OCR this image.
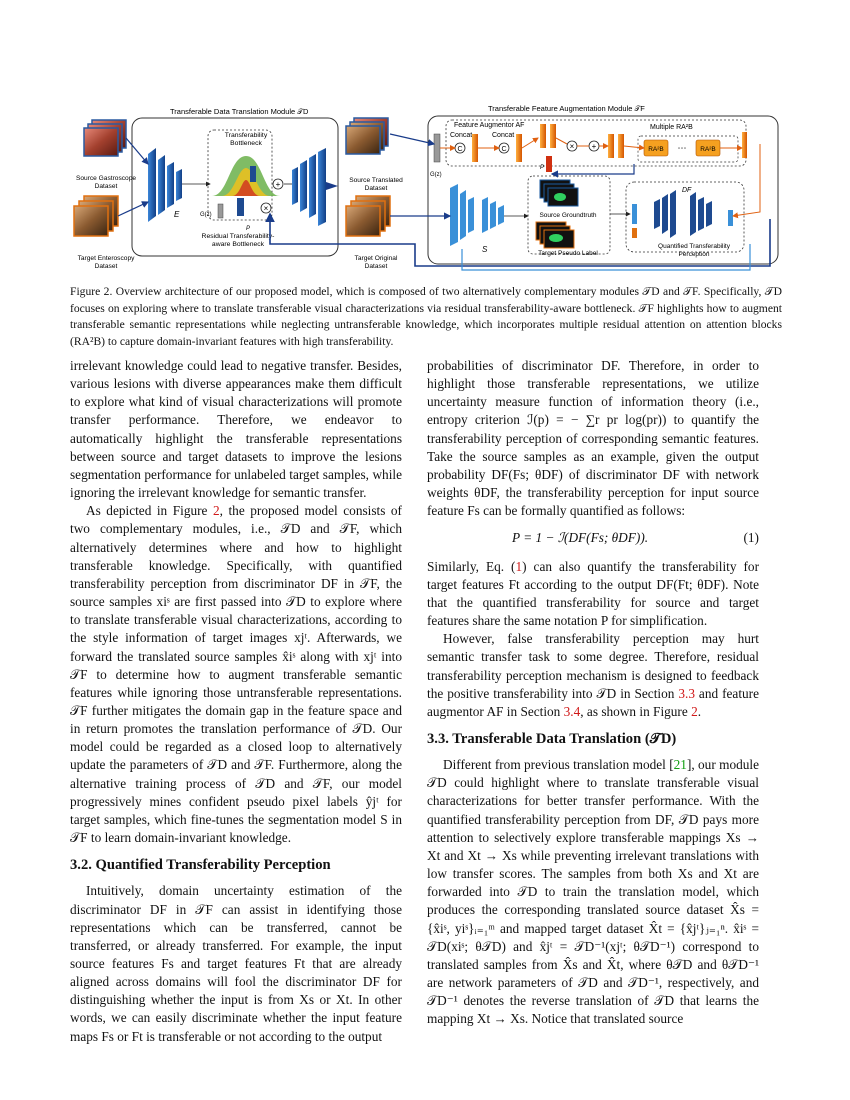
Transferable Data Translation Module 𝒯D
Source Gastroscope
Dataset
Target Enteroscopy
Dataset
E
Transferability
Bottleneck
G(z)
P
×
+
Residual Transferability-
aware Bottleneck
Source Translated
Dataset
Target Original
Dataset
Transferable Feature Augmentation Module 𝒯F
Feature Augmentor AF
Concat	Concat
Multiple RA²B
G(z)
C	C	× +
P
RA²B ⋯ RA²B
S
Source Groundtruth
Target Pseudo Label
DF
Quantified Transferability
Perception
Figure 2. Overview architecture of our proposed model, which is composed of two alternatively complementary modules 𝒯D and 𝒯F. Specifically, 𝒯D focuses on exploring where to translate transferable visual characterizations via residual transferability-aware bottleneck. 𝒯F highlights how to augment transferable semantic representations while neglecting untransferable knowledge, which incorporates multiple residual attention on attention blocks (RA²B) to capture domain-invariant features with high transferability.

irrelevant knowledge could lead to negative transfer. Besides, various lesions with diverse appearances make them difficult to explore what kind of visual characterizations will promote transfer performance. Therefore, we endeavor to automatically highlight the transferable representations between source and target datasets to improve the lesions segmentation performance for unlabeled target samples, while ignoring the irrelevant knowledge for semantic transfer.

As depicted in Figure 2, the proposed model consists of two complementary modules, i.e., 𝒯D and 𝒯F, which alternatively determines where and how to highlight transferable knowledge. Specifically, with quantified transferability perception from discriminator DF in 𝒯F, the source samples xiˢ are first passed into 𝒯D to explore where to translate transferable visual characterizations, according to the style information of target images xjᵗ. Afterwards, we forward the translated source samples x̂iˢ along with xjᵗ into 𝒯F to determine how to augment transferable semantic features while ignoring those untransferable representations. 𝒯F further mitigates the domain gap in the feature space and in return promotes the translation performance of 𝒯D. Our model could be regarded as a closed loop to alternatively update the parameters of 𝒯D and 𝒯F. Furthermore, along the alternative training process of 𝒯D and 𝒯F, our model progressively mines confident pseudo pixel labels ŷjᵗ for target samples, which fine-tunes the segmentation model S in 𝒯F to learn domain-invariant knowledge.

3.2. Quantified Transferability Perception

Intuitively, domain uncertainty estimation of the discriminator DF in 𝒯F can assist in identifying those representations which can be transferred, cannot be transferred, or already transferred. For example, the input source features Fs and target features Ft that are already aligned across domains will fool the discriminator DF for distinguishing whether the input is from Xs or Xt. In other words, we can easily discriminate whether the input feature maps Fs or Ft is transferable or not according to the output

probabilities of discriminator DF. Therefore, in order to highlight those transferable representations, we utilize uncertainty measure function of information theory (i.e., entropy criterion ℐ(p) = − ∑r pr log(pr)) to quantify the transferability perception of corresponding semantic features. Take the source samples as an example, given the output probability DF(Fs; θDF) of discriminator DF with network weights θDF, the transferability perception for input source feature Fs can be formally quantified as follows:

P = 1 − ℐ(DF(Fs; θDF)).	(1)

Similarly, Eq. (1) can also quantify the transferability for target features Ft according to the output DF(Ft; θDF). Note that the quantified transferability for source and target features share the same notation P for simplification.

However, false transferability perception may hurt semantic transfer task to some degree. Therefore, residual transferability perception mechanism is designed to feedback the positive transferability into 𝒯D in Section 3.3 and feature augmentor AF in Section 3.4, as shown in Figure 2.

3.3. Transferable Data Translation (𝒯D)

Different from previous translation model [21], our module 𝒯D could highlight where to translate transferable visual characterizations for better transfer performance. With the quantified transferability perception from DF, 𝒯D pays more attention to selectively explore transferable mappings Xs → Xt and Xt → Xs while preventing irrelevant translations with low transfer scores. The samples from both Xs and Xt are forwarded into 𝒯D to train the translation model, which produces the corresponding translated source dataset X̂s = {x̂iˢ, yiˢ}ᵢ₌₁ᵐ and mapped target dataset X̂t = {x̂jᵗ}ⱼ₌₁ⁿ. x̂iˢ = 𝒯D(xiˢ; θ𝒯D) and x̂jᵗ = 𝒯D⁻¹(xjᵗ; θ𝒯D⁻¹) correspond to translated samples from X̂s and X̂t, where θ𝒯D and θ𝒯D⁻¹ are network parameters of 𝒯D and 𝒯D⁻¹, respectively, and 𝒯D⁻¹ denotes the reverse translation of 𝒯D that learns the mapping Xt → Xs. Notice that translated source
